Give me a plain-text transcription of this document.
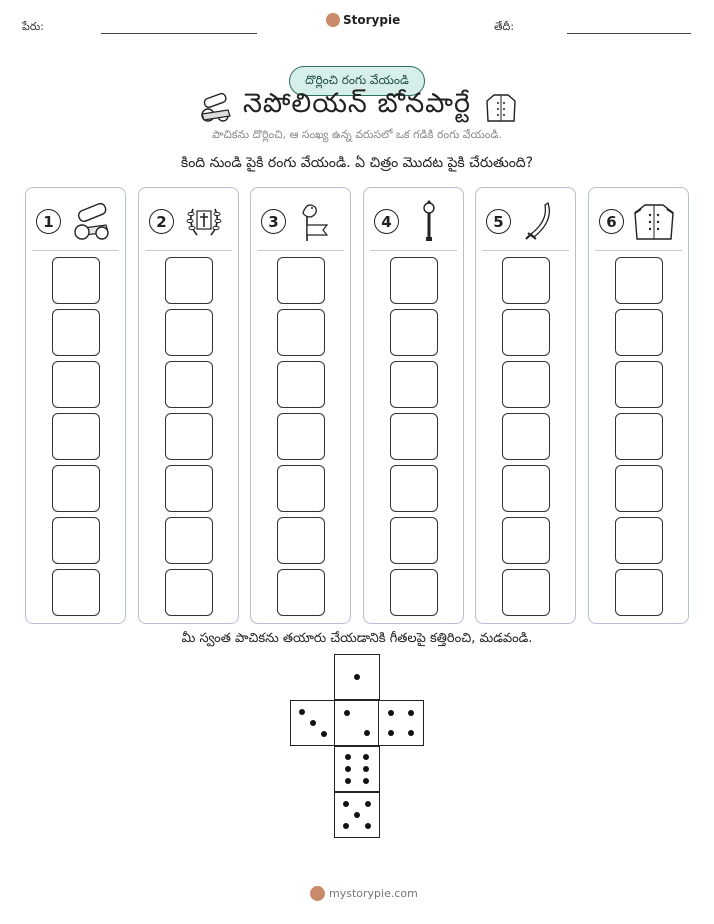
పేరు:	Storypie	తేదీ:
దొర్లించి రంగు వేయండి
నెపోలియన్ బోనపార్టే
పాచికను దొర్లించి, ఆ సంఖ్య ఉన్న వరుసలో ఒక గడికి రంగు వేయండి.
కింది నుండి పైకి రంగు వేయండి. ఏ చిత్రం మొదట పైకి చేరుతుంది?
1	2	3	4	5	6
మీ స్వంత పాచికను తయారు చేయడానికి గీతలపై కత్తిరించి, మడవండి.
mystorypie.com
